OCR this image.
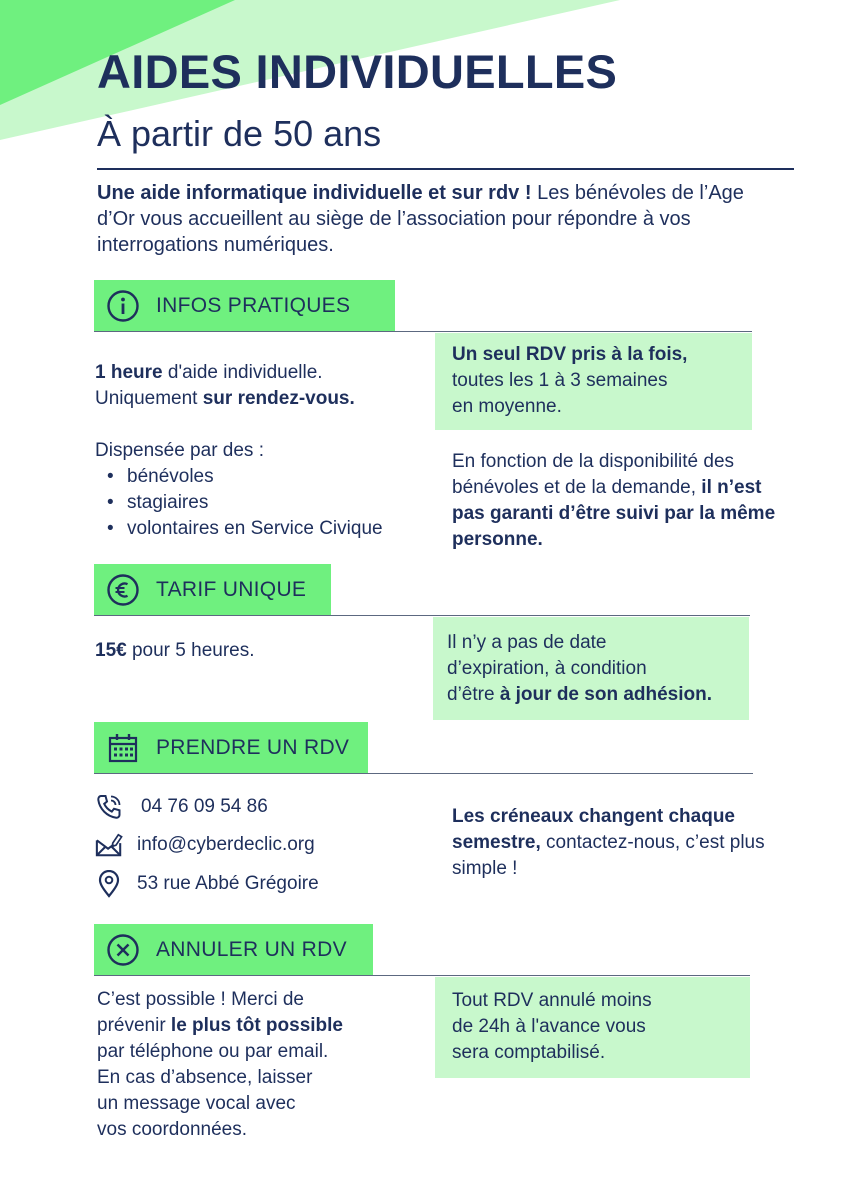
AIDES INDIVIDUELLES
À partir de 50 ans
Une aide informatique individuelle et sur rdv ! Les bénévoles de l’Age d’Or vous accueillent au siège de l’association pour répondre à vos interrogations numériques.
INFOS PRATIQUES
1 heure d'aide individuelle.
Uniquement sur rendez-vous.
Dispensée par des :
• bénévoles
• stagiaires
• volontaires en Service Civique
Un seul RDV pris à la fois,
toutes les 1 à 3 semaines
en moyenne.
En fonction de la disponibilité des bénévoles et de la demande, il n’est pas garanti d’être suivi par la même personne.
TARIF UNIQUE
15€ pour 5 heures.	Il n’y a pas de date
d’expiration, à condition
d’être à jour de son adhésion.
PRENDRE UN RDV
04 76 09 54 86
info@cyberdeclic.org
53 rue Abbé Grégoire
Les créneaux changent chaque semestre, contactez-nous, c’est plus simple !
ANNULER UN RDV
C’est possible ! Merci de
prévenir le plus tôt possible
par téléphone ou par email.
En cas d’absence, laisser
un message vocal avec
vos coordonnées.
Tout RDV annulé moins
de 24h à l'avance vous
sera comptabilisé.
